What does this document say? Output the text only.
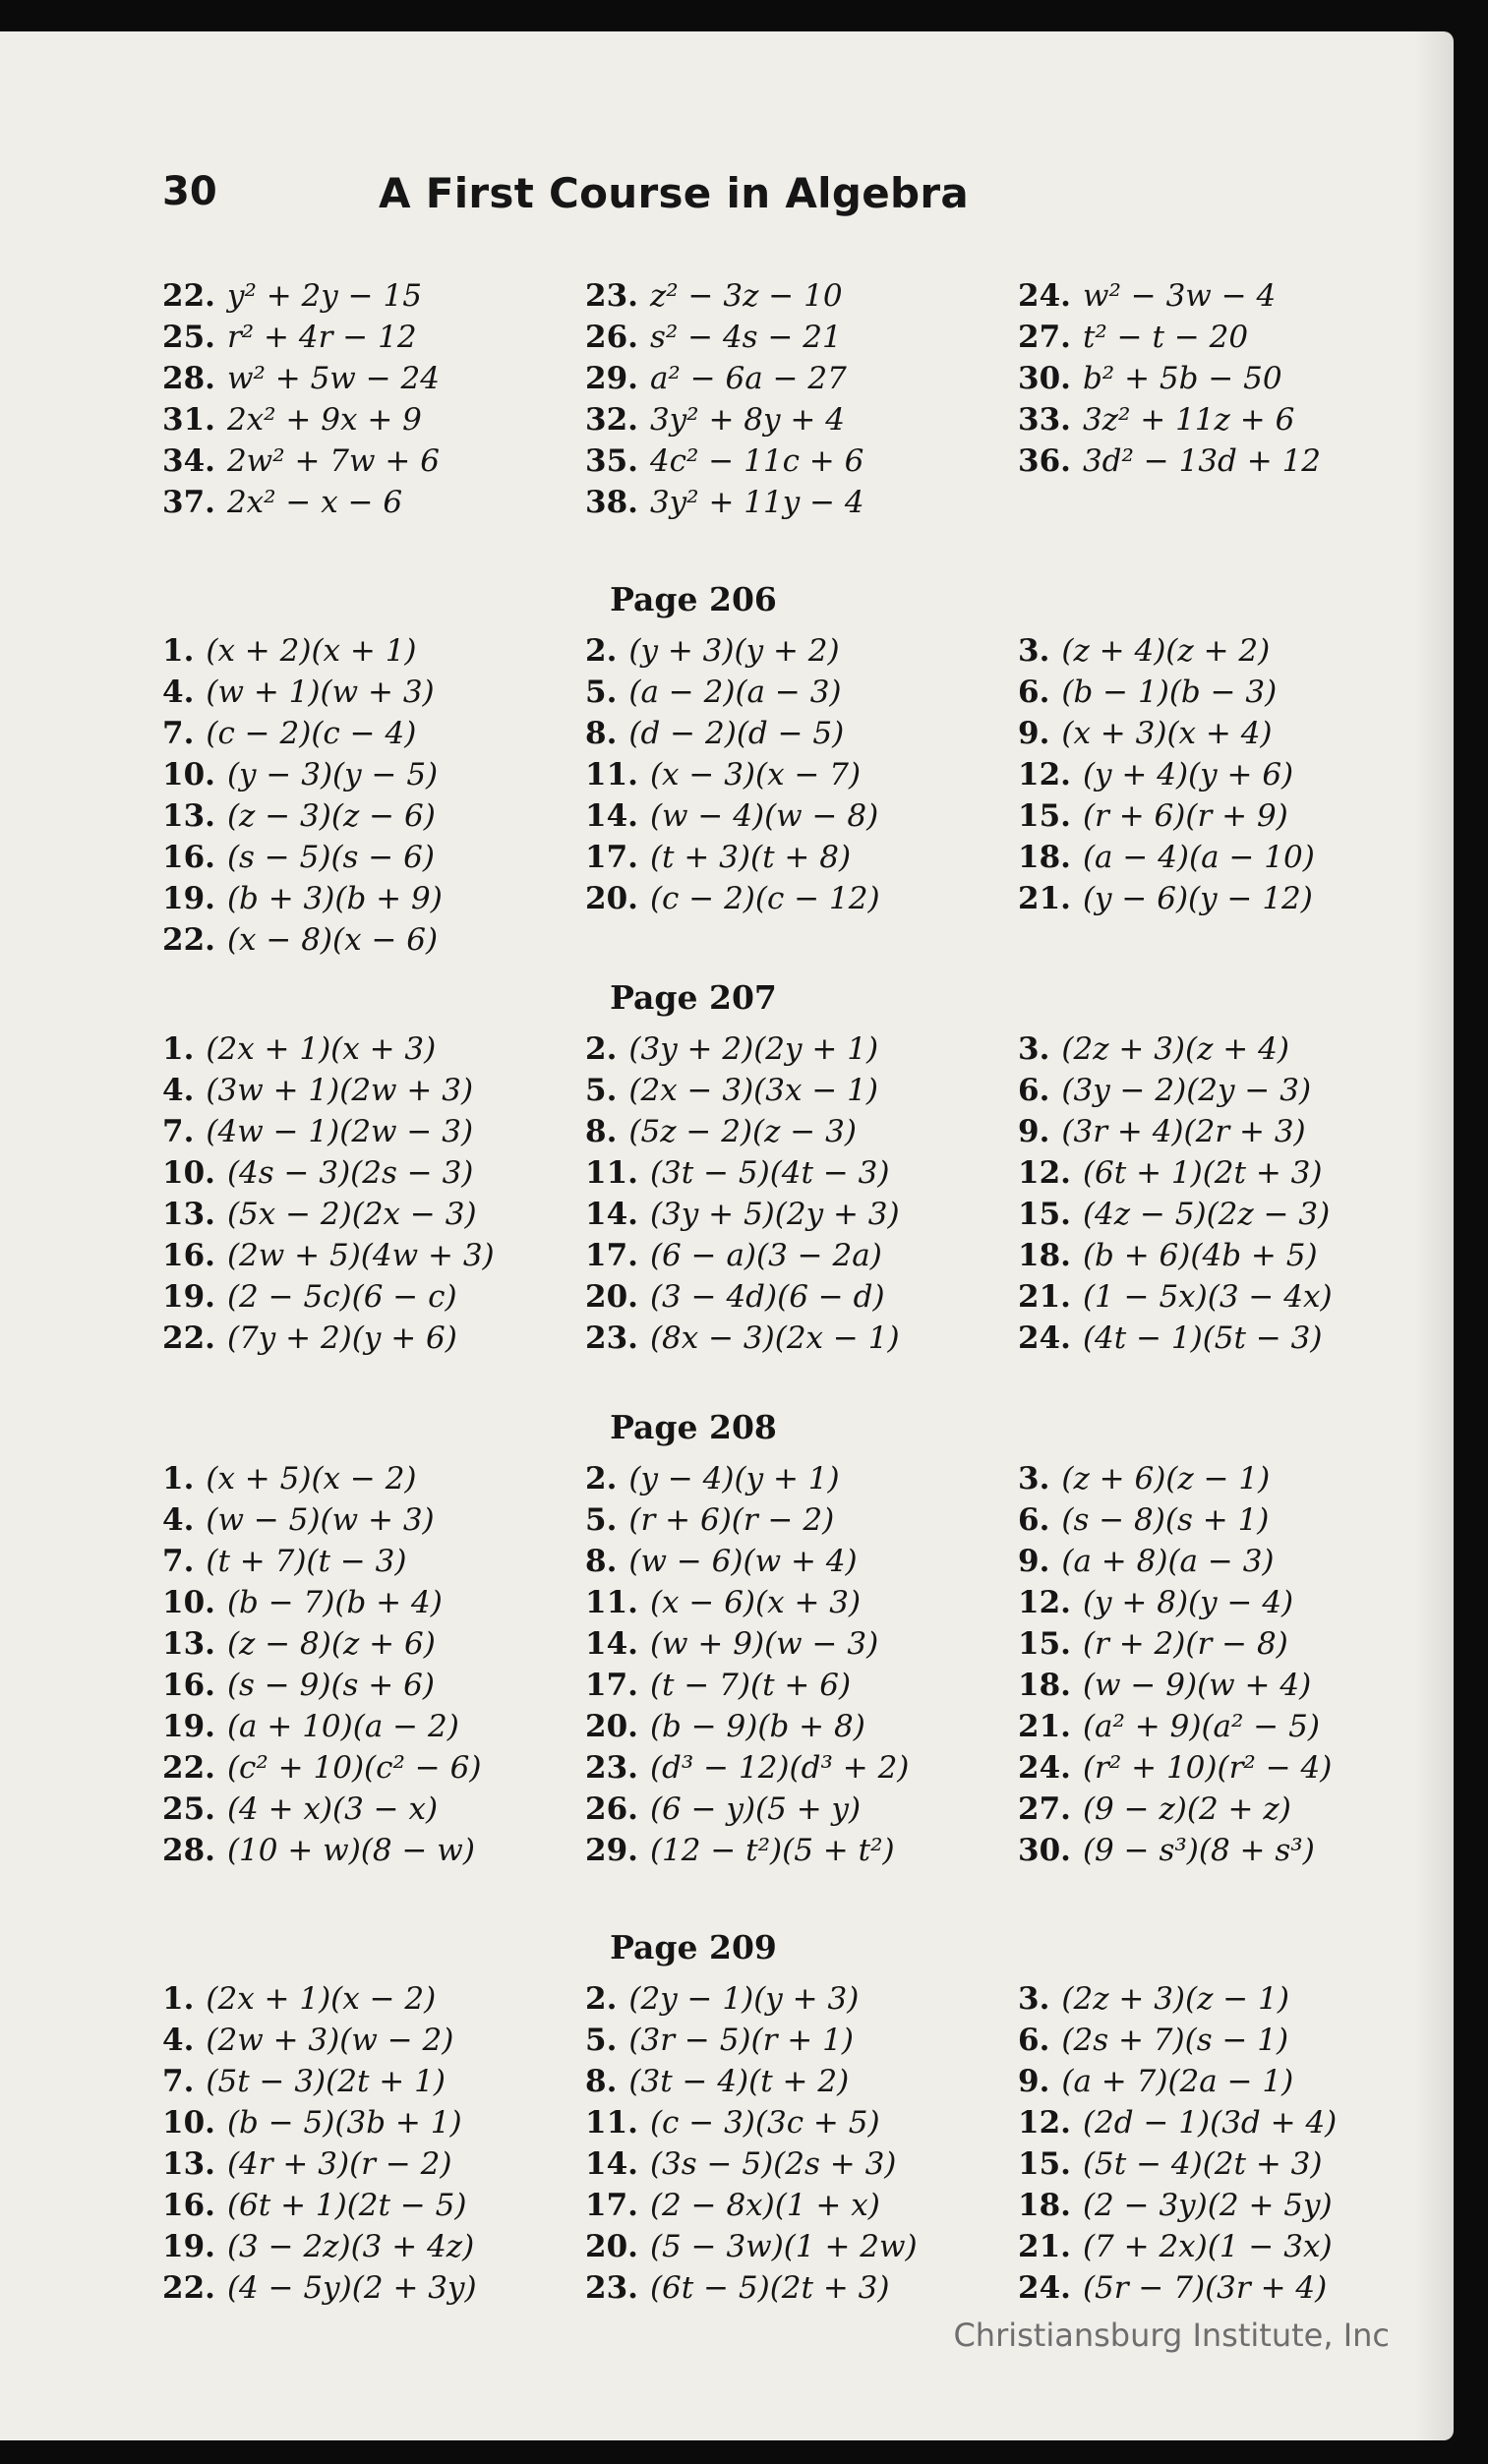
30	A First Course in Algebra
22. y² + 2y − 15	23. z² − 3z − 10	24. w² − 3w − 4
25. r² + 4r − 12	26. s² − 4s − 21	27. t² − t − 20
28. w² + 5w − 24	29. a² − 6a − 27	30. b² + 5b − 50
31. 2x² + 9x + 9	32. 3y² + 8y + 4	33. 3z² + 11z + 6
34. 2w² + 7w + 6	35. 4c² − 11c + 6	36. 3d² − 13d + 12
37. 2x² − x − 6	38. 3y² + 11y − 4
Page 206
1. (x + 2)(x + 1)	2. (y + 3)(y + 2)	3. (z + 4)(z + 2)
4. (w + 1)(w + 3)	5. (a − 2)(a − 3)	6. (b − 1)(b − 3)
7. (c − 2)(c − 4)	8. (d − 2)(d − 5)	9. (x + 3)(x + 4)
10. (y − 3)(y − 5)	11. (x − 3)(x − 7)	12. (y + 4)(y + 6)
13. (z − 3)(z − 6)	14. (w − 4)(w − 8)	15. (r + 6)(r + 9)
16. (s − 5)(s − 6)	17. (t + 3)(t + 8)	18. (a − 4)(a − 10)
19. (b + 3)(b + 9)	20. (c − 2)(c − 12)	21. (y − 6)(y − 12)
22. (x − 8)(x − 6)
Page 207
1. (2x + 1)(x + 3)	2. (3y + 2)(2y + 1)	3. (2z + 3)(z + 4)
4. (3w + 1)(2w + 3)	5. (2x − 3)(3x − 1)	6. (3y − 2)(2y − 3)
7. (4w − 1)(2w − 3)	8. (5z − 2)(z − 3)	9. (3r + 4)(2r + 3)
10. (4s − 3)(2s − 3)	11. (3t − 5)(4t − 3)	12. (6t + 1)(2t + 3)
13. (5x − 2)(2x − 3)	14. (3y + 5)(2y + 3)	15. (4z − 5)(2z − 3)
16. (2w + 5)(4w + 3)	17. (6 − a)(3 − 2a)	18. (b + 6)(4b + 5)
19. (2 − 5c)(6 − c)	20. (3 − 4d)(6 − d)	21. (1 − 5x)(3 − 4x)
22. (7y + 2)(y + 6)	23. (8x − 3)(2x − 1)	24. (4t − 1)(5t − 3)
Page 208
1. (x + 5)(x − 2)	2. (y − 4)(y + 1)	3. (z + 6)(z − 1)
4. (w − 5)(w + 3)	5. (r + 6)(r − 2)	6. (s − 8)(s + 1)
7. (t + 7)(t − 3)	8. (w − 6)(w + 4)	9. (a + 8)(a − 3)
10. (b − 7)(b + 4)	11. (x − 6)(x + 3)	12. (y + 8)(y − 4)
13. (z − 8)(z + 6)	14. (w + 9)(w − 3)	15. (r + 2)(r − 8)
16. (s − 9)(s + 6)	17. (t − 7)(t + 6)	18. (w − 9)(w + 4)
19. (a + 10)(a − 2)	20. (b − 9)(b + 8)	21. (a² + 9)(a² − 5)
22. (c² + 10)(c² − 6)	23. (d³ − 12)(d³ + 2)	24. (r² + 10)(r² − 4)
25. (4 + x)(3 − x)	26. (6 − y)(5 + y)	27. (9 − z)(2 + z)
28. (10 + w)(8 − w)	29. (12 − t²)(5 + t²)	30. (9 − s³)(8 + s³)
Page 209
1. (2x + 1)(x − 2)	2. (2y − 1)(y + 3)	3. (2z + 3)(z − 1)
4. (2w + 3)(w − 2)	5. (3r − 5)(r + 1)	6. (2s + 7)(s − 1)
7. (5t − 3)(2t + 1)	8. (3t − 4)(t + 2)	9. (a + 7)(2a − 1)
10. (b − 5)(3b + 1)	11. (c − 3)(3c + 5)	12. (2d − 1)(3d + 4)
13. (4r + 3)(r − 2)	14. (3s − 5)(2s + 3)	15. (5t − 4)(2t + 3)
16. (6t + 1)(2t − 5)	17. (2 − 8x)(1 + x)	18. (2 − 3y)(2 + 5y)
19. (3 − 2z)(3 + 4z)	20. (5 − 3w)(1 + 2w)	21. (7 + 2x)(1 − 3x)
22. (4 − 5y)(2 + 3y)	23. (6t − 5)(2t + 3)	24. (5r − 7)(3r + 4)
Christiansburg Institute, Inc
